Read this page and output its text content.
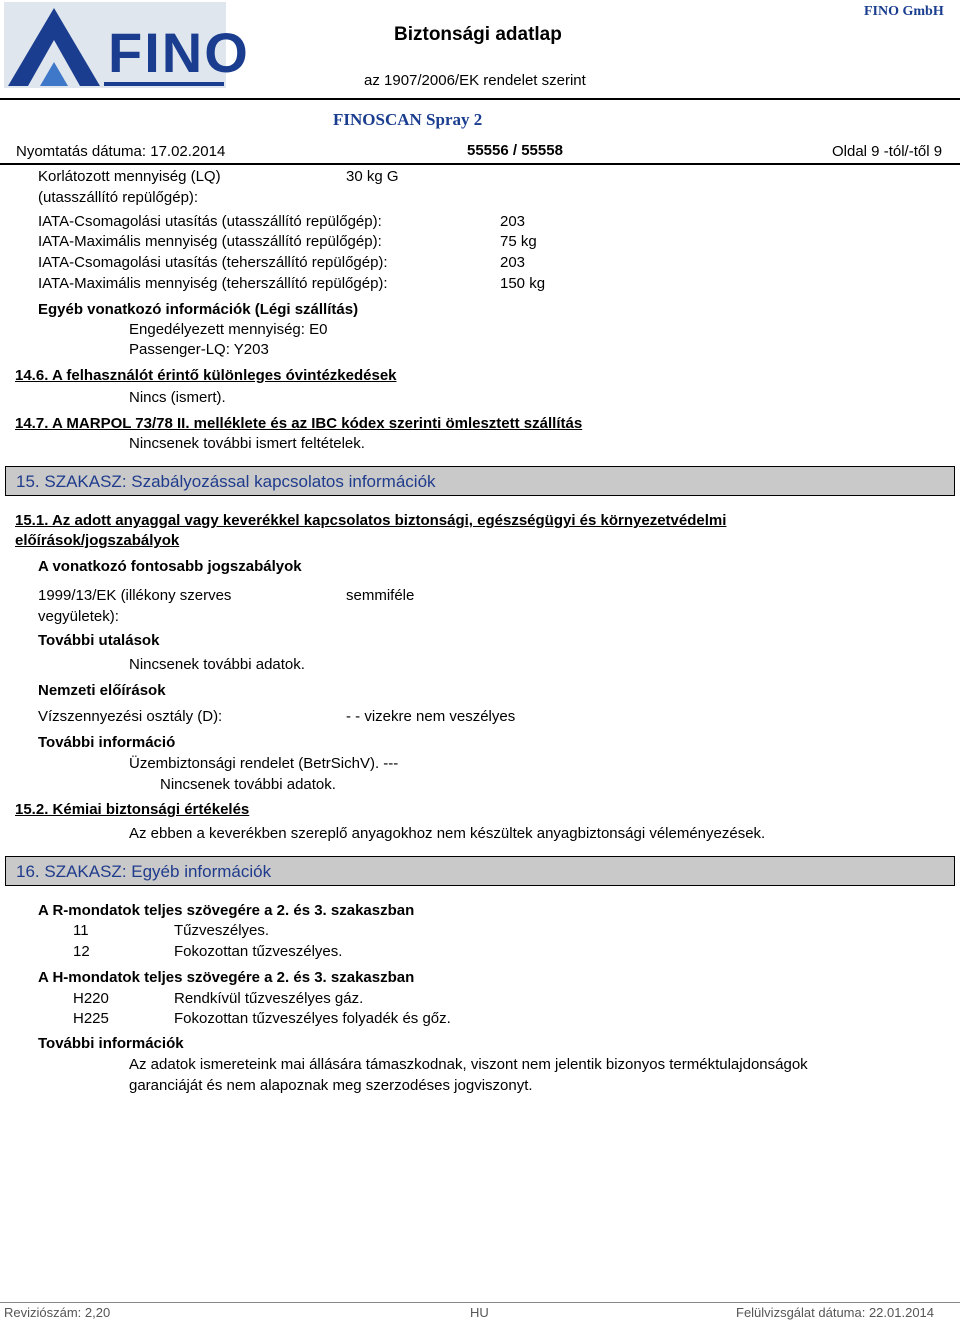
FINO	Biztonsági adatlap
az 1907/2006/EK rendelet szerint
FINO GmbH
FINOSCAN Spray 2
Nyomtatás dátuma: 17.02.2014	55556 / 55558	Oldal 9 -tól/-től 9
Korlátozott mennyiség (LQ)
(utasszállító repülőgép):
30 kg G
IATA-Csomagolási utasítás (utasszállító repülőgép):	203
IATA-Maximális mennyiség (utasszállító repülőgép):	75 kg
IATA-Csomagolási utasítás (teherszállító repülőgép):	203
IATA-Maximális mennyiség (teherszállító repülőgép):	150 kg
Egyéb vonatkozó információk (Légi szállítás)
Engedélyezett mennyiség: E0
Passenger-LQ: Y203
14.6. A felhasználót érintő különleges óvintézkedések
Nincs (ismert).
14.7. A MARPOL 73/78 II. melléklete és az IBC kódex szerinti ömlesztett szállítás
Nincsenek további ismert feltételek.
15. SZAKASZ: Szabályozással kapcsolatos információk
15.1. Az adott anyaggal vagy keverékkel kapcsolatos biztonsági, egészségügyi és környezetvédelmi
előírások/jogszabályok
A vonatkozó fontosabb jogszabályok
1999/13/EK (illékony szerves
vegyületek):
semmiféle
További utalások
Nincsenek további adatok.
Nemzeti előírások
Vízszennyezési osztály (D):	- - vizekre nem veszélyes
További információ
Üzembiztonsági rendelet (BetrSichV). ---
Nincsenek további adatok.
15.2. Kémiai biztonsági értékelés
Az ebben a keverékben szereplő anyagokhoz nem készültek anyagbiztonsági véleményezések.
16. SZAKASZ: Egyéb információk
A R-mondatok teljes szövegére a 2. és 3. szakaszban
11	Tűzveszélyes.
12	Fokozottan tűzveszélyes.
A H-mondatok teljes szövegére a 2. és 3. szakaszban
H220	Rendkívül tűzveszélyes gáz.
H225	Fokozottan tűzveszélyes folyadék és gőz.
További információk
Az adatok ismereteink mai állására támaszkodnak, viszont nem jelentik bizonyos terméktulajdonságok
garanciáját és nem alapoznak meg szerzodéses jogviszonyt.
Reviziószám: 2,20	HU	Felülvizsgálat dátuma: 22.01.2014
